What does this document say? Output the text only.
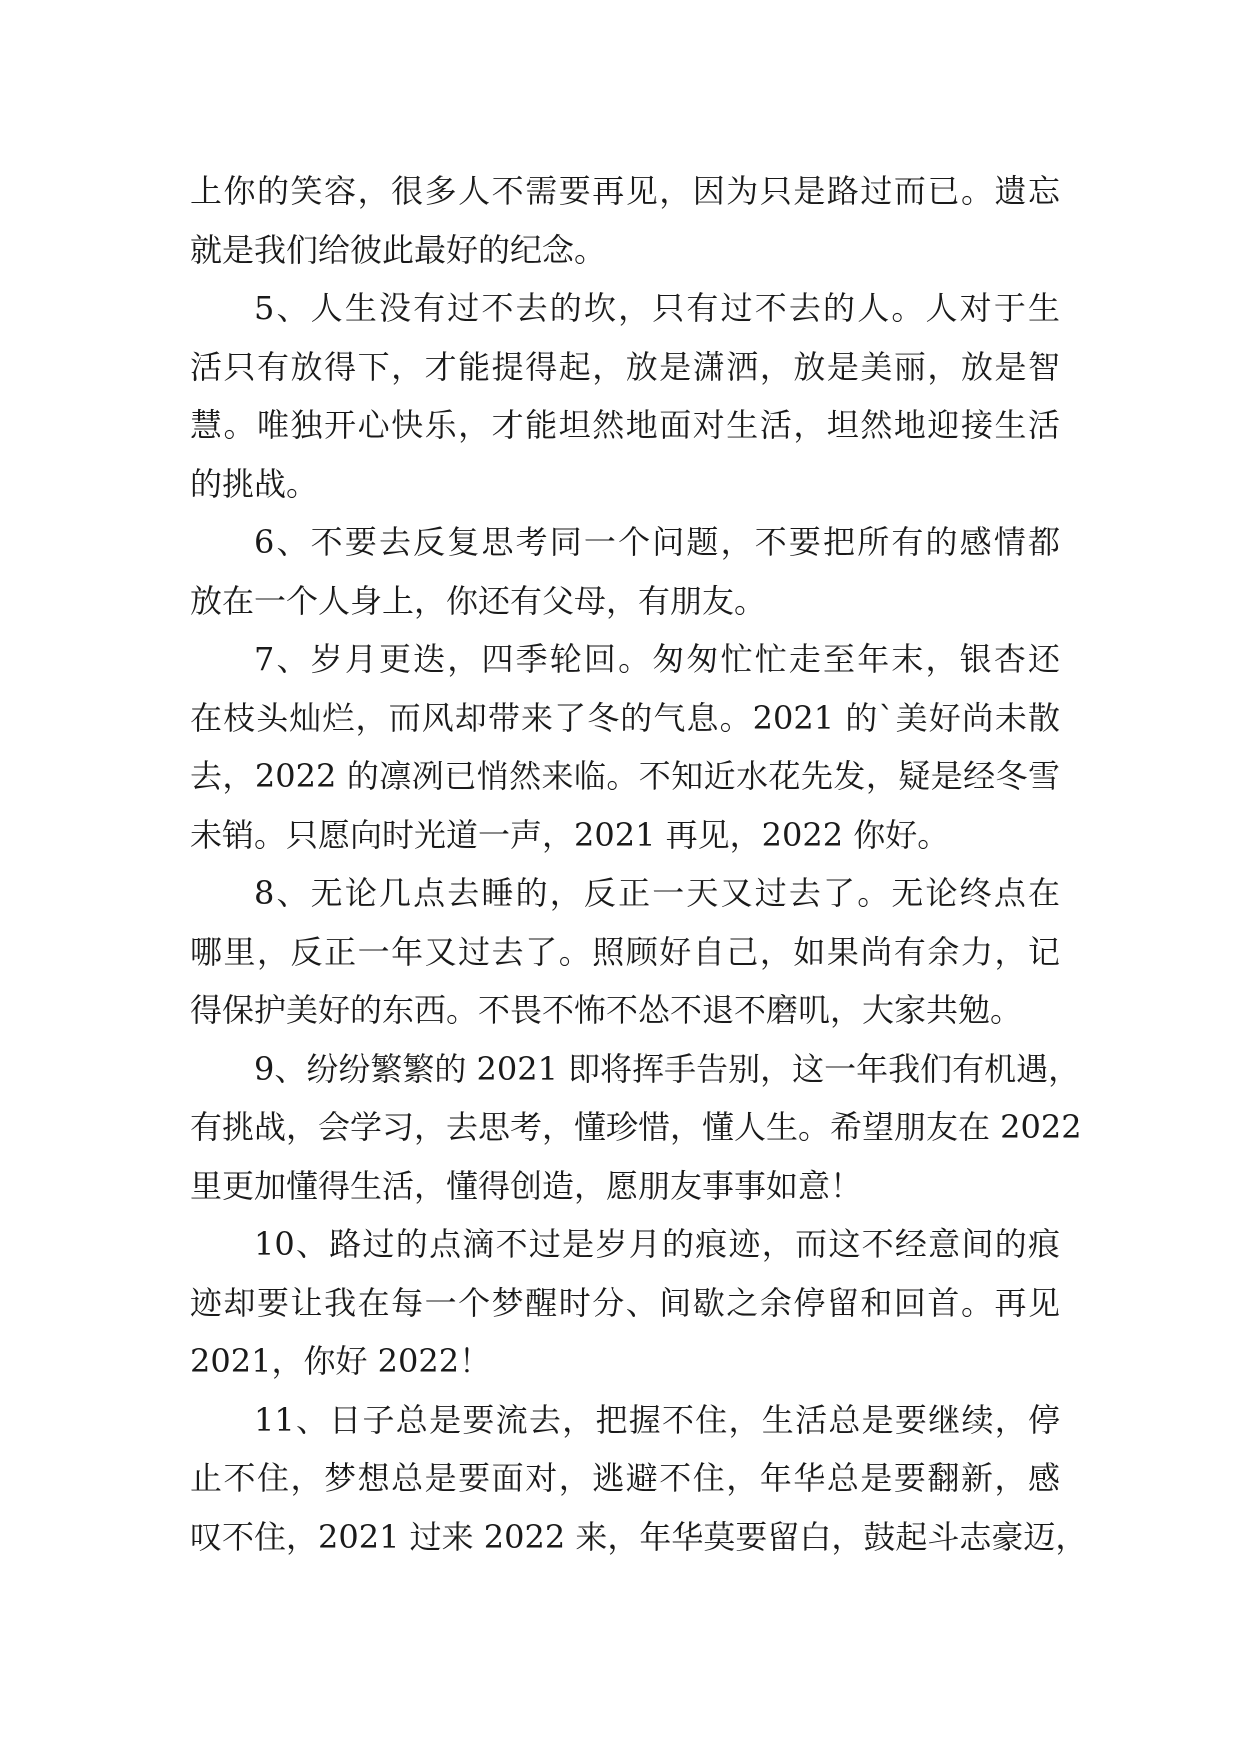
上你的笑容，很多人不需要再见，因为只是路过而已。遗忘
就是我们给彼此最好的纪念。
5、人生没有过不去的坎，只有过不去的人。人对于生
活只有放得下，才能提得起，放是潇洒，放是美丽，放是智
慧。唯独开心快乐，才能坦然地面对生活，坦然地迎接生活
的挑战。
6、不要去反复思考同一个问题，不要把所有的感情都
放在一个人身上，你还有父母，有朋友。
7、岁月更迭，四季轮回。匆匆忙忙走至年末，银杏还
在枝头灿烂，而风却带来了冬的气息。2021 的`美好尚未散
去，2022 的凛冽已悄然来临。不知近水花先发，疑是经冬雪
未销。只愿向时光道一声，2021 再见，2022 你好。
8、无论几点去睡的，反正一天又过去了。无论终点在
哪里，反正一年又过去了。照顾好自己，如果尚有余力，记
得保护美好的东西。不畏不怖不怂不退不磨叽，大家共勉。
9、纷纷繁繁的 2021 即将挥手告别，这一年我们有机遇，
有挑战，会学习，去思考，懂珍惜，懂人生。希望朋友在 2022
里更加懂得生活，懂得创造，愿朋友事事如意！
10、路过的点滴不过是岁月的痕迹，而这不经意间的痕
迹却要让我在每一个梦醒时分、间歇之余停留和回首。再见
2021，你好 2022！
11、日子总是要流去，把握不住，生活总是要继续，停
止不住，梦想总是要面对，逃避不住，年华总是要翻新，感
叹不住，2021 过来 2022 来，年华莫要留白，鼓起斗志豪迈，
